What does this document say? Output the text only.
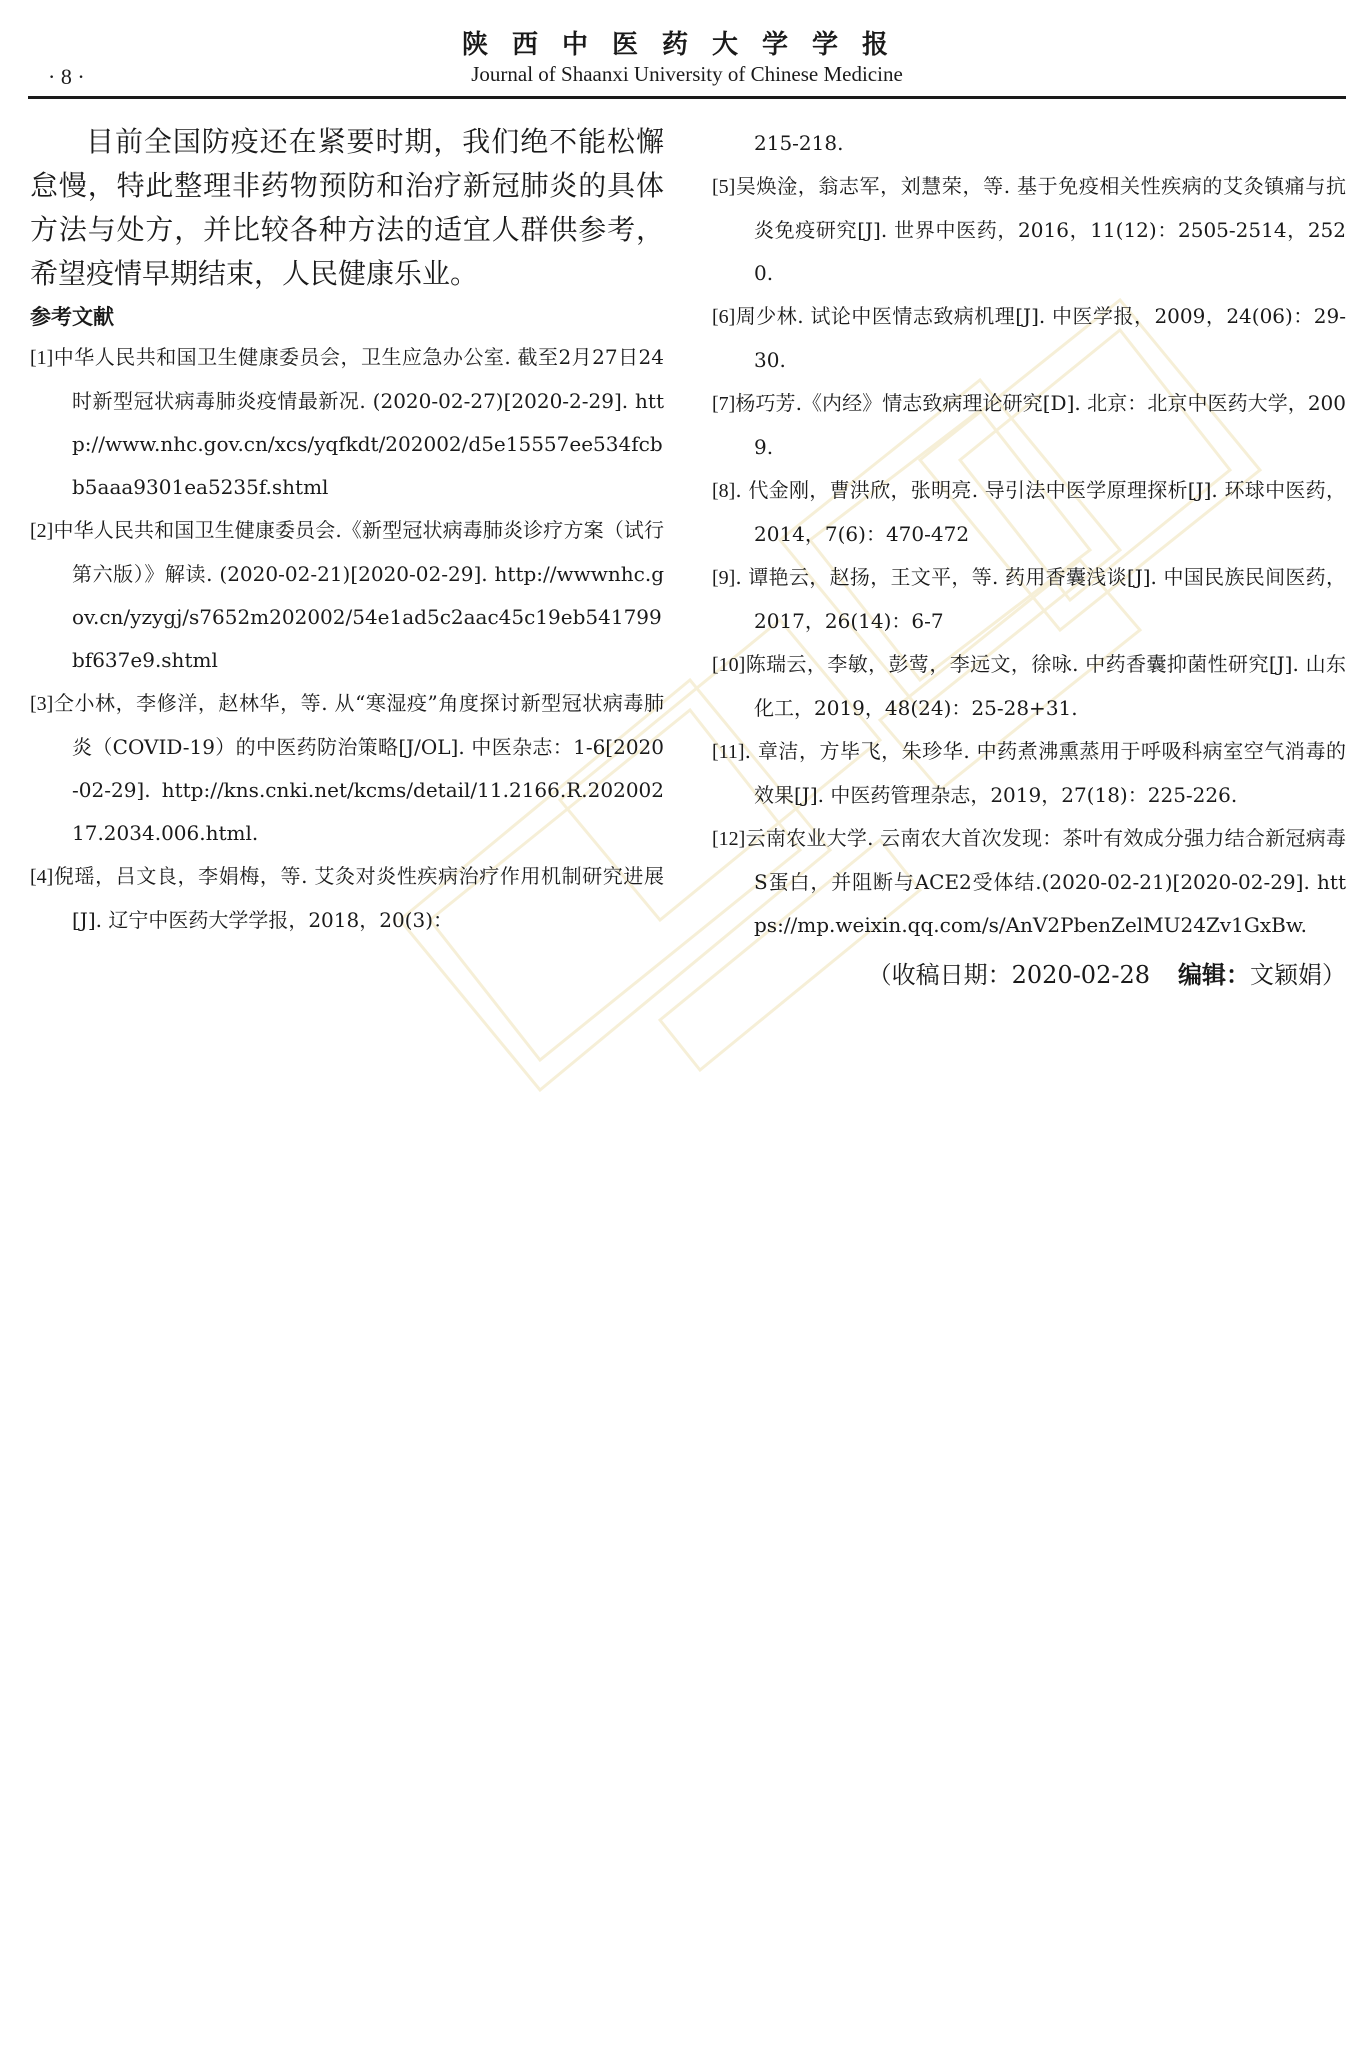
陕西中医药大学学报
· 8 ·	Journal of Shaanxi University of Chinese Medicine

目前全国防疫还在紧要时期，我们绝不能松懈怠慢，特此整理非药物预防和治疗新冠肺炎的具体方法与处方，并比较各种方法的适宜人群供参考，希望疫情早期结束，人民健康乐业。

参考文献

[1]中华人民共和国卫生健康委员会，卫生应急办公室. 截至2月27日24时新型冠状病毒肺炎疫情最新况. (2020-02-27)[2020-2-29]. http://www.nhc.gov.cn/xcs/yqfkdt/202002/d5e15557ee534fcbb5aaa9301ea5235f.shtml

[2]中华人民共和国卫生健康委员会.《新型冠状病毒肺炎诊疗方案（试行第六版）》解读. (2020-02-21)[2020-02-29]. http://wwwnhc.gov.cn/yzygj/s7652m202002/54e1ad5c2aac45c19eb541799bf637e9.shtml

[3]仝小林，李修洋，赵林华，等. 从“寒湿疫”角度探讨新型冠状病毒肺炎（COVID-19）的中医药防治策略[J/OL]. 中医杂志：1-6[2020-02-29]. http://kns.cnki.net/kcms/detail/11.2166.R.20200217.2034.006.html.

[4]倪瑶，吕文良，李娟梅，等. 艾灸对炎性疾病治疗作用机制研究进展[J]. 辽宁中医药大学学报，2018，20(3)：

215-218.

[5]吴焕淦，翁志军，刘慧荣，等. 基于免疫相关性疾病的艾灸镇痛与抗炎免疫研究[J]. 世界中医药，2016，11(12)：2505-2514，2520.

[6]周少林. 试论中医情志致病机理[J]. 中医学报，2009，24(06)：29-30.

[7]杨巧芳.《内经》情志致病理论研究[D]. 北京：北京中医药大学，2009.

[8]. 代金刚，曹洪欣，张明亮. 导引法中医学原理探析[J]. 环球中医药，2014，7(6)：470-472

[9]. 谭艳云，赵扬，王文平，等. 药用香囊浅谈[J]. 中国民族民间医药，2017，26(14)：6-7

[10]陈瑞云，李敏，彭莺，李远文，徐咏. 中药香囊抑菌性研究[J]. 山东化工，2019，48(24)：25-28+31.

[11]. 章洁，方毕飞，朱珍华. 中药煮沸熏蒸用于呼吸科病室空气消毒的效果[J]. 中医药管理杂志，2019，27(18)：225-226.

[12]云南农业大学. 云南农大首次发现：茶叶有效成分强力结合新冠病毒S蛋白，并阻断与ACE2受体结.(2020-02-21)[2020-02-29]. https://mp.weixin.qq.com/s/AnV2PbenZelMU24Zv1GxBw.

（收稿日期：2020-02-28 编辑：文颖娟）
